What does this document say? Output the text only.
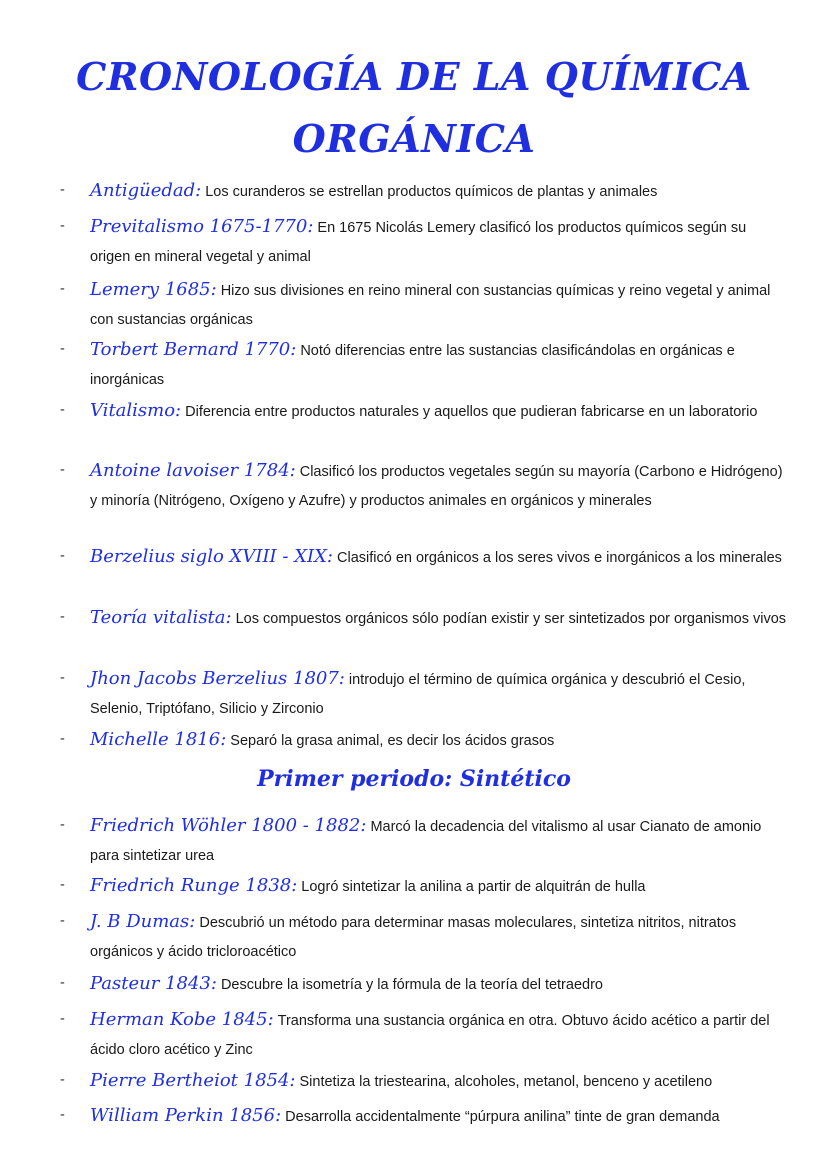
CRONOLOGÍA DE LA QUÍMICA
ORGÁNICA
- Antigüedad: Los curanderos se estrellan productos químicos de plantas y animales
- Previtalismo 1675-1770: En 1675 Nicolás Lemery clasificó los productos químicos según su origen en mineral vegetal y animal
- Lemery 1685: Hizo sus divisiones en reino mineral con sustancias químicas y reino vegetal y animal con sustancias orgánicas
- Torbert Bernard 1770: Notó diferencias entre las sustancias clasificándolas en orgánicas e inorgánicas
- Vitalismo: Diferencia entre productos naturales y aquellos que pudieran fabricarse en un laboratorio
- Antoine lavoiser 1784: Clasificó los productos vegetales según su mayoría (Carbono e Hidrógeno) y minoría (Nitrógeno, Oxígeno y Azufre) y productos animales en orgánicos y minerales
- Berzelius siglo XVIII - XIX: Clasificó en orgánicos a los seres vivos e inorgánicos a los minerales
- Teoría vitalista: Los compuestos orgánicos sólo podían existir y ser sintetizados por organismos vivos
- Jhon Jacobs Berzelius 1807: introdujo el término de química orgánica y descubrió el Cesio, Selenio, Triptófano, Silicio y Zirconio
- Michelle 1816: Separó la grasa animal, es decir los ácidos grasos
Primer periodo: Sintético
- Friedrich Wöhler 1800 - 1882: Marcó la decadencia del vitalismo al usar Cianato de amonio para sintetizar urea
- Friedrich Runge 1838: Logró sintetizar la anilina a partir de alquitrán de hulla
- J. B Dumas: Descubrió un método para determinar masas moleculares, sintetiza nitritos, nitratos orgánicos y ácido tricloroacético
- Pasteur 1843: Descubre la isometría y la fórmula de la teoría del tetraedro
- Herman Kobe 1845: Transforma una sustancia orgánica en otra. Obtuvo ácido acético a partir del ácido cloro acético y Zinc
- Pierre Bertheiot 1854: Sintetiza la triestearina, alcoholes, metanol, benceno y acetileno
- William Perkin 1856: Desarrolla accidentalmente “púrpura anilina” tinte de gran demanda
